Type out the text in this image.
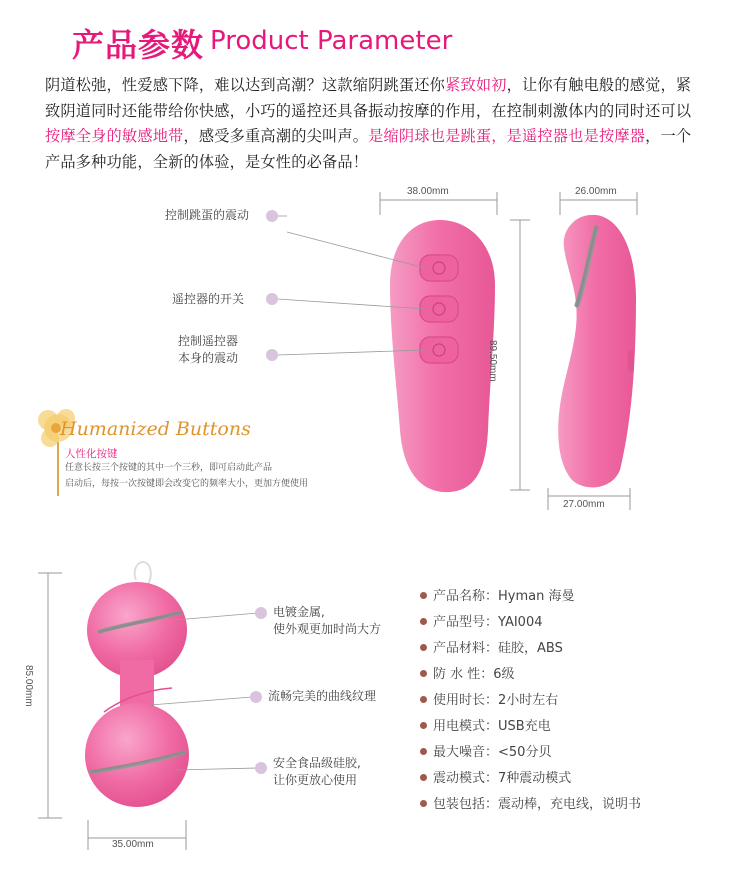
产品参数 Product Parameter
阴道松弛，性爱感下降，难以达到高潮？这款缩阴跳蛋还你紧致如初，让你有触电般的感觉，紧致阴道同时还能带给你快感，小巧的遥控还具备振动按摩的作用，在控制刺激体内的同时还可以按摩全身的敏感地带，感受多重高潮的尖叫声。是缩阴球也是跳蛋，是遥控器也是按摩器，一个产品多种功能，全新的体验，是女性的必备品！
38.00mm	26.00mm
89.50mm
27.00mm
85.00mm
35.00mm
控制跳蛋的震动
遥控器的开关
控制遥控器
本身的震动
Humanized Buttons
人性化按键
任意长按三个按键的其中一个三秒，即可启动此产品
启动后，每按一次按键即会改变它的频率大小，更加方便使用
电镀金属,
使外观更加时尚大方
流畅完美的曲线纹理
安全食品级硅胶,
让你更放心使用
产品名称：Hyman 海曼
产品型号：YAI004
产品材料：硅胶，ABS
防 水 性：6级
使用时长：2小时左右
用电模式：USB充电
最大噪音：<50分贝
震动模式：7种震动模式
包装包括：震动棒，充电线，说明书
